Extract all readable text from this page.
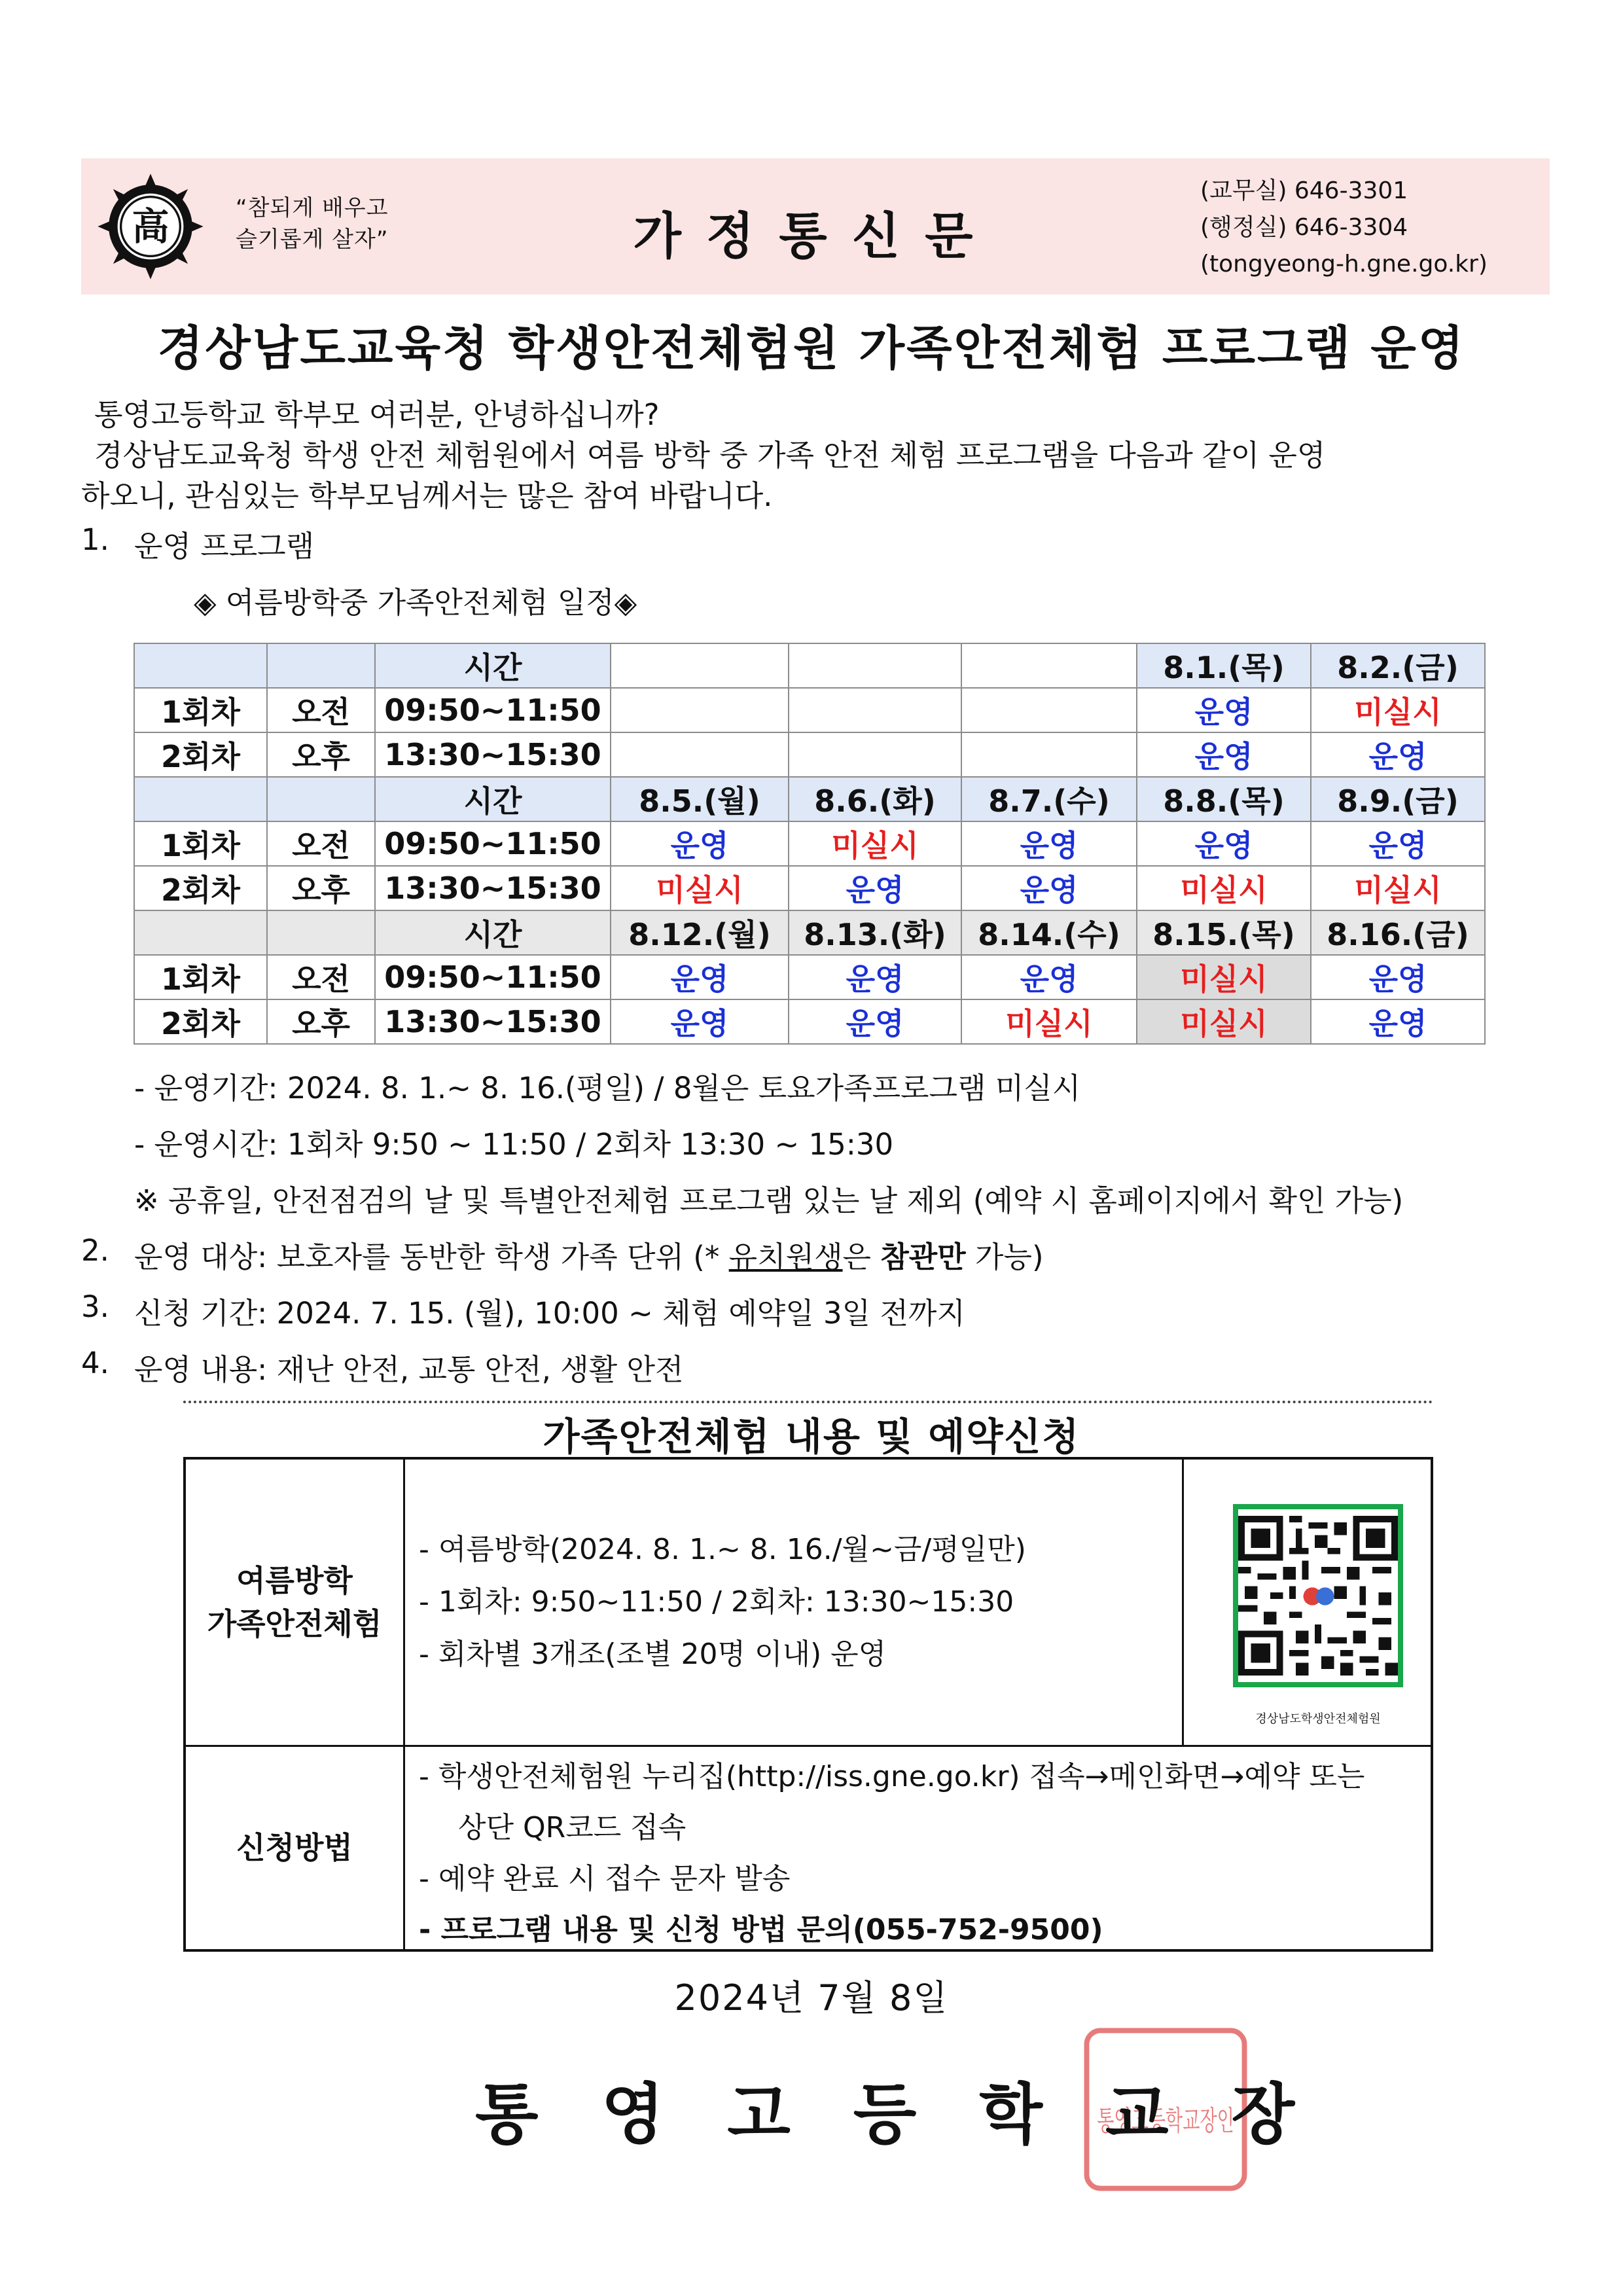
高	“참되게 배우고
슬기롭게 살자”	가정통신문
(교무실) 646-3301
(행정실) 646-3304
(tongyeong-h.gne.go.kr)
경상남도교육청 학생안전체험원 가족안전체험 프로그램 운영
통영고등학교 학부모 여러분, 안녕하십니까?
경상남도교육청 학생 안전 체험원에서 여름 방학 중 가족 안전 체험 프로그램을 다음과 같이 운영
하오니, 관심있는 학부모님께서는 많은 참여 바랍니다.
1. 운영 프로그램
◈ 여름방학중 가족안전체험 일정◈
		시간				8.1.(목)	8.2.(금)
1회차	오전	09:50~11:50				운영	미실시
2회차	오후	13:30~15:30				운영	운영
		시간	8.5.(월)	8.6.(화)	8.7.(수)	8.8.(목)	8.9.(금)
1회차	오전	09:50~11:50	운영	미실시	운영	운영	운영
2회차	오후	13:30~15:30	미실시	운영	운영	미실시	미실시
		시간	8.12.(월)	8.13.(화)	8.14.(수)	8.15.(목)	8.16.(금)
1회차	오전	09:50~11:50	운영	운영	운영	미실시	운영
2회차	오후	13:30~15:30	운영	운영	미실시	미실시	운영
- 운영기간: 2024. 8. 1.~ 8. 16.(평일) / 8월은 토요가족프로그램 미실시
- 운영시간: 1회차 9:50 ~ 11:50 / 2회차 13:30 ~ 15:30
※ 공휴일, 안전점검의 날 및 특별안전체험 프로그램 있는 날 제외 (예약 시 홈페이지에서 확인 가능)
2. 운영 대상: 보호자를 동반한 학생 가족 단위 (* 유치원생은 참관만 가능)
3. 신청 기간: 2024. 7. 15. (월), 10:00 ~ 체험 예약일 3일 전까지
4. 운영 내용: 재난 안전, 교통 안전, 생활 안전
가족안전체험 내용 및 예약신청
여름방학
가족안전체험
- 여름방학(2024. 8. 1.~ 8. 16./월~금/평일만)
- 1회차: 9:50~11:50 / 2회차: 13:30~15:30
- 회차별 3개조(조별 20명 이내) 운영
경상남도학생안전체험원
신청방법
- 학생안전체험원 누리집(http://iss.gne.go.kr) 접속→메인화면→예약 또는
상단 QR코드 접속
- 예약 완료 시 접수 문자 발송
- 프로그램 내용 및 신청 방법 문의(055-752-9500)
2024년 7월 8일
통영고등학교장인
통영고등학교장
